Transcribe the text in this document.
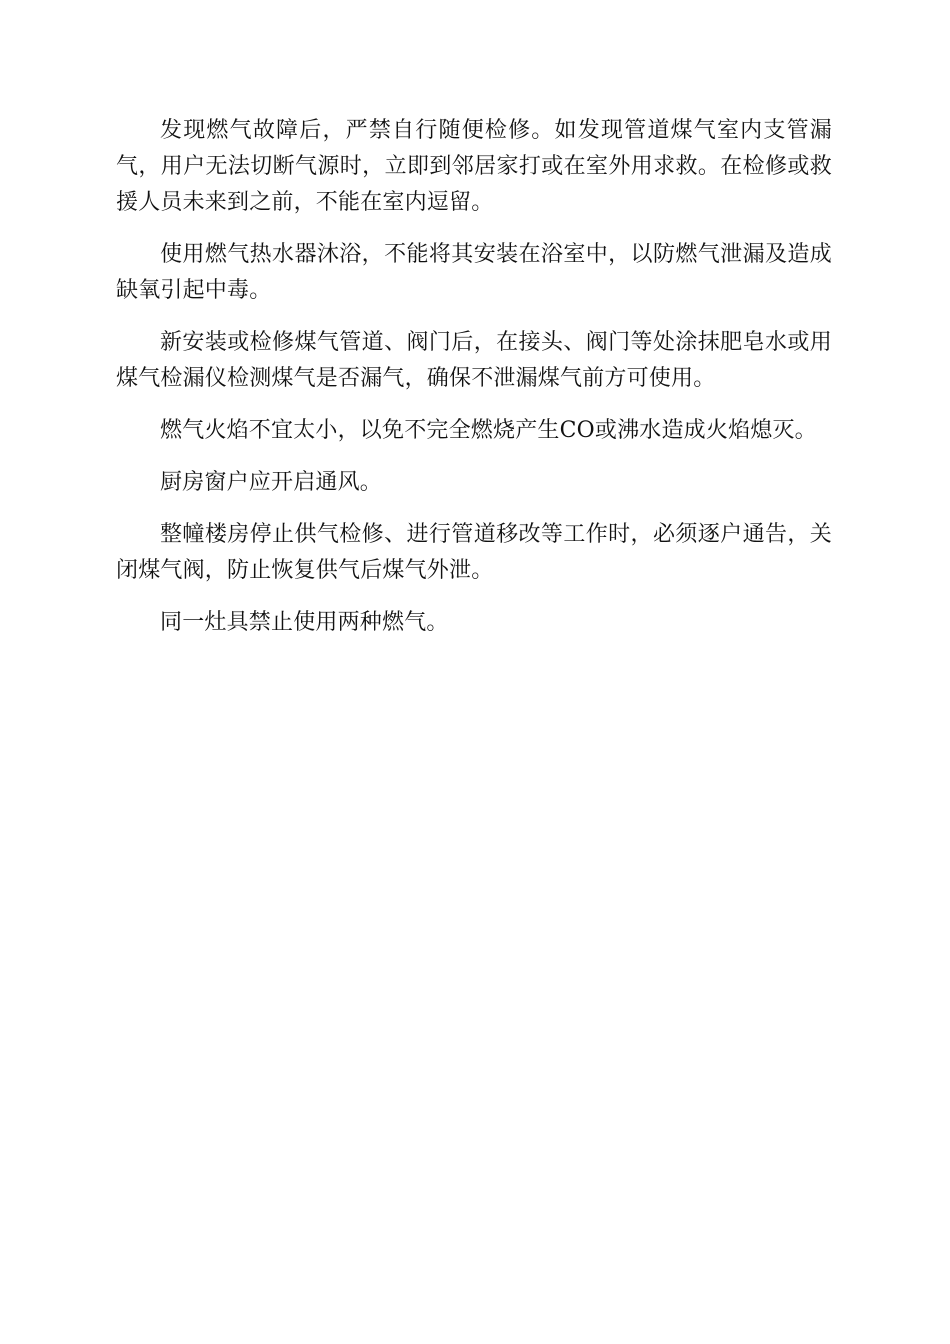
发现燃气故障后，严禁自行随便检修。如发现管道煤气室内支管漏气，用户无法切断气源时，立即到邻居家打或在室外用求救。在检修或救援人员未来到之前，不能在室内逗留。

使用燃气热水器沐浴，不能将其安装在浴室中，以防燃气泄漏及造成缺氧引起中毒。

新安装或检修煤气管道、阀门后，在接头、阀门等处涂抹肥皂水或用煤气检漏仪检测煤气是否漏气，确保不泄漏煤气前方可使用。

燃气火焰不宜太小，以免不完全燃烧产生CO或沸水造成火焰熄灭。

厨房窗户应开启通风。

整幢楼房停止供气检修、进行管道移改等工作时，必须逐户通告，关闭煤气阀，防止恢复供气后煤气外泄。

同一灶具禁止使用两种燃气。
